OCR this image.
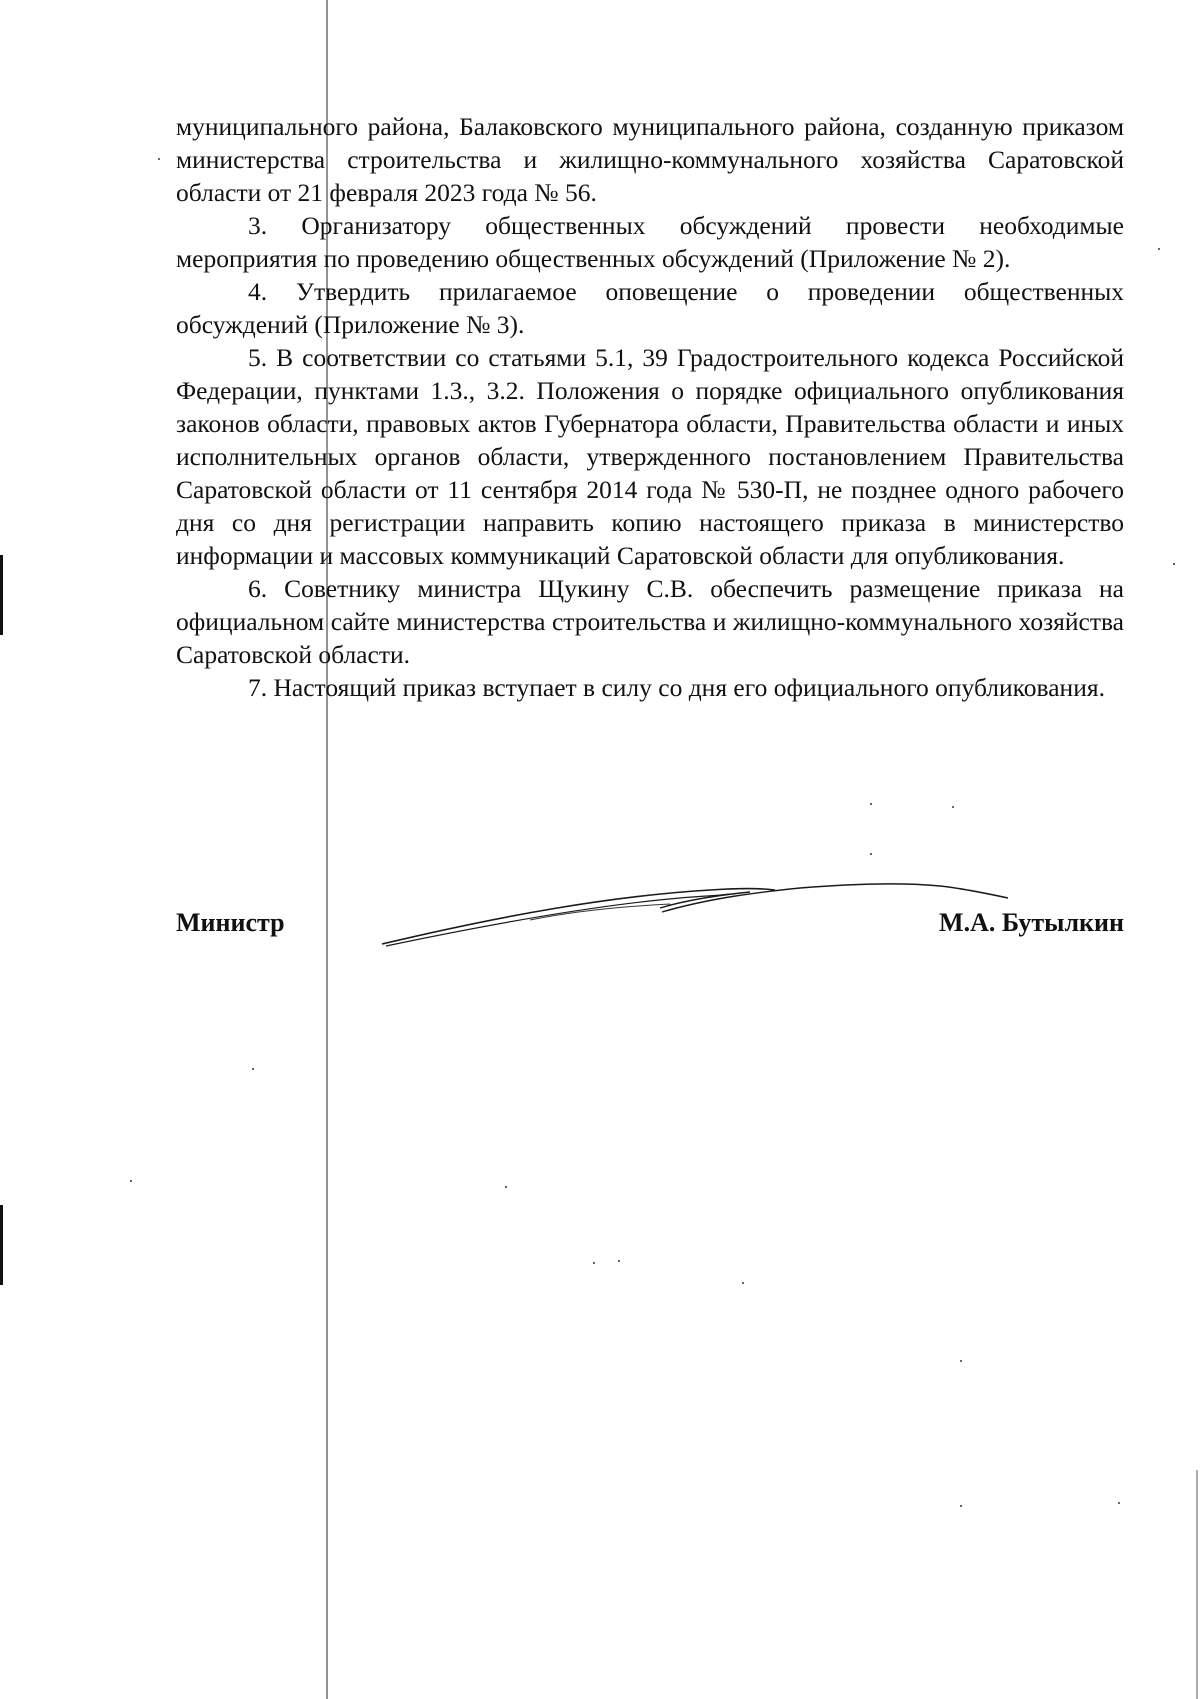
муниципального района, Балаковского муниципального района, созданную приказом министерства строительства и жилищно-коммунального хозяйства Саратовской области от 21 февраля 2023 года № 56.

3. Организатору общественных обсуждений провести необходимые мероприятия по проведению общественных обсуждений (Приложение № 2).

4. Утвердить прилагаемое оповещение о проведении общественных обсуждений (Приложение № 3).

5. В соответствии со статьями 5.1, 39 Градостроительного кодекса Российской Федерации, пунктами 1.3., 3.2. Положения о порядке официального опубликования законов области, правовых актов Губернатора области, Правительства области и иных исполнительных органов области, утвержденного постановлением Правительства Саратовской области от 11 сентября 2014 года № 530-П, не позднее одного рабочего дня со дня регистрации направить копию настоящего приказа в министерство информации и массовых коммуникаций Саратовской области для опубликования.

6. Советнику министра Щукину С.В. обеспечить размещение приказа на официальном сайте министерства строительства и жилищно-коммунального хозяйства Саратовской области.

7. Настоящий приказ вступает в силу со дня его официального опубликования.

Министр	М.А. Бутылкин
